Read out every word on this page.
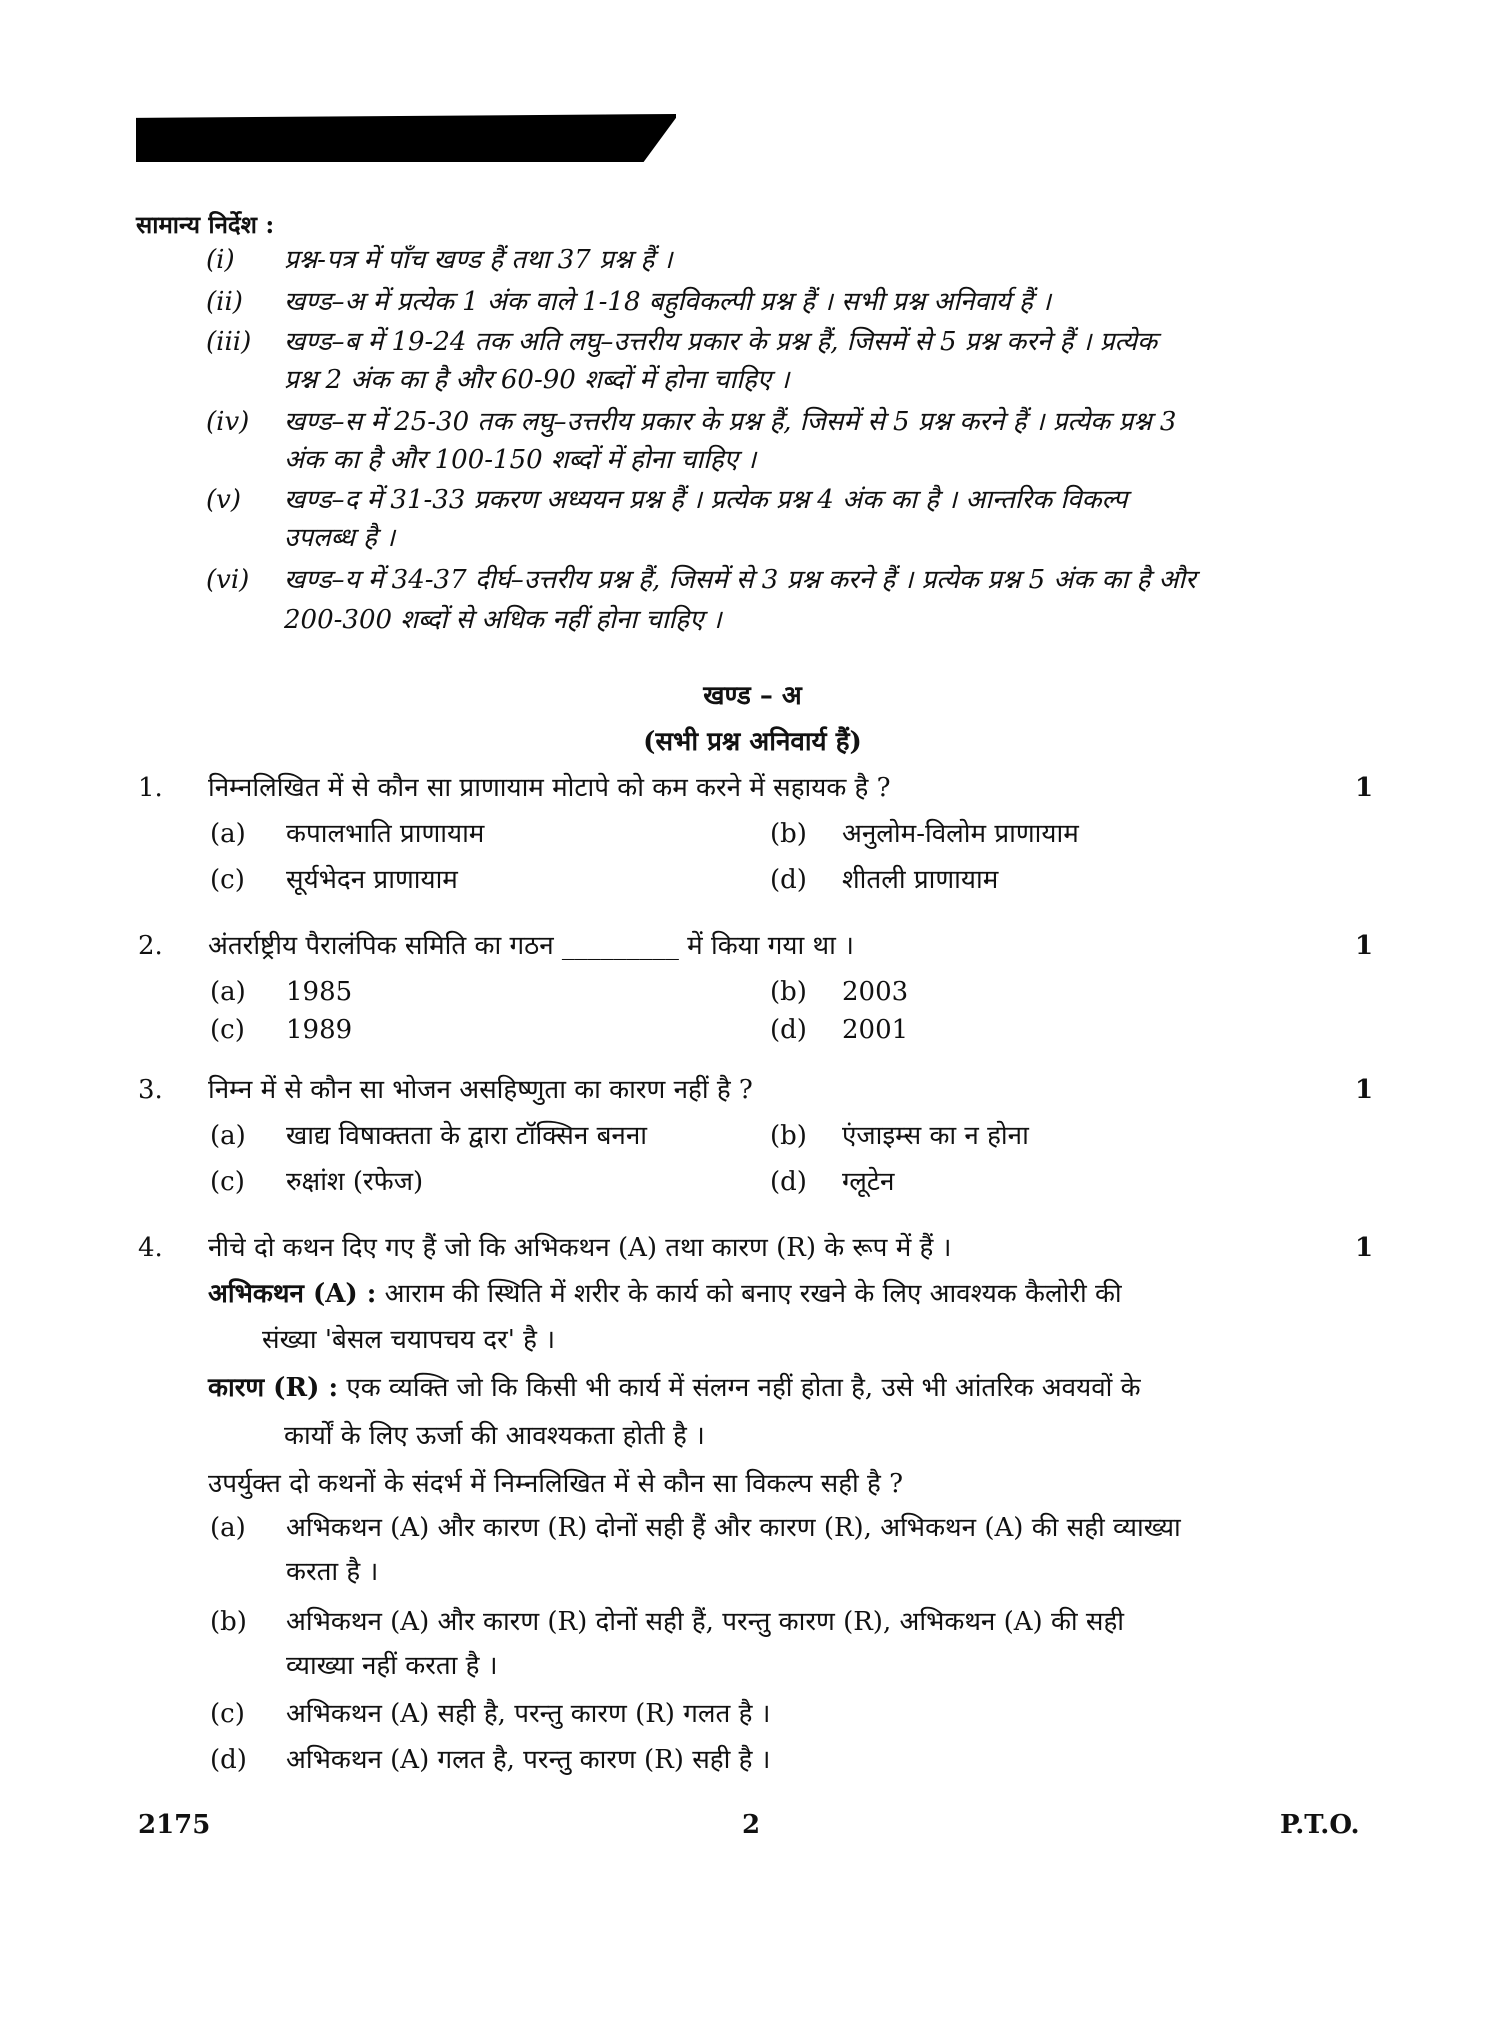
सामान्य निर्देश :
(i) प्रश्न-पत्र में पाँच खण्ड हैं तथा 37 प्रश्न हैं ।
(ii) खण्ड–अ में प्रत्येक 1 अंक वाले 1-18 बहुविकल्पी प्रश्न हैं । सभी प्रश्न अनिवार्य हैं ।
(iii) खण्ड–ब में 19-24 तक अति लघु–उत्तरीय प्रकार के प्रश्न हैं, जिसमें से 5 प्रश्न करने हैं । प्रत्येक
प्रश्न 2 अंक का है और 60-90 शब्दों में होना चाहिए ।
(iv) खण्ड–स में 25-30 तक लघु–उत्तरीय प्रकार के प्रश्न हैं, जिसमें से 5 प्रश्न करने हैं । प्रत्येक प्रश्न 3
अंक का है और 100-150 शब्दों में होना चाहिए ।
(v) खण्ड–द में 31-33 प्रकरण अध्ययन प्रश्न हैं । प्रत्येक प्रश्न 4 अंक का है । आन्तरिक विकल्प
उपलब्ध है ।
(vi) खण्ड–य में 34-37 दीर्घ–उत्तरीय प्रश्न हैं, जिसमें से 3 प्रश्न करने हैं । प्रत्येक प्रश्न 5 अंक का है और
200-300 शब्दों से अधिक नहीं होना चाहिए ।
खण्ड – अ
(सभी प्रश्न अनिवार्य हैं)
1. निम्नलिखित में से कौन सा प्राणायाम मोटापे को कम करने में सहायक है ?	1
(a) कपालभाति प्राणायाम	(b) अनुलोम-विलोम प्राणायाम
(c) सूर्यभेदन प्राणायाम	(d) शीतली प्राणायाम
2. अंतर्राष्ट्रीय पैरालंपिक समिति का गठन _________ में किया गया था ।	1
(a) 1985	(b) 2003
(c) 1989	(d) 2001
3. निम्न में से कौन सा भोजन असहिष्णुता का कारण नहीं है ?	1
(a) खाद्य विषाक्तता के द्वारा टॉक्सिन बनना	(b) एंजाइम्स का न होना
(c) रुक्षांश (रफेज)	(d) ग्लूटेन
4. नीचे दो कथन दिए गए हैं जो कि अभिकथन (A) तथा कारण (R) के रूप में हैं ।	1
अभिकथन (A) : आराम की स्थिति में शरीर के कार्य को बनाए रखने के लिए आवश्यक कैलोरी की
संख्या 'बेसल चयापचय दर' है ।
कारण (R) : एक व्यक्ति जो कि किसी भी कार्य में संलग्न नहीं होता है, उसे भी आंतरिक अवयवों के
कार्यों के लिए ऊर्जा की आवश्यकता होती है ।
उपर्युक्त दो कथनों के संदर्भ में निम्नलिखित में से कौन सा विकल्प सही है ?
(a) अभिकथन (A) और कारण (R) दोनों सही हैं और कारण (R), अभिकथन (A) की सही व्याख्या
करता है ।
(b) अभिकथन (A) और कारण (R) दोनों सही हैं, परन्तु कारण (R), अभिकथन (A) की सही
व्याख्या नहीं करता है ।
(c) अभिकथन (A) सही है, परन्तु कारण (R) गलत है ।
(d) अभिकथन (A) गलत है, परन्तु कारण (R) सही है ।
2175	2	P.T.O.
